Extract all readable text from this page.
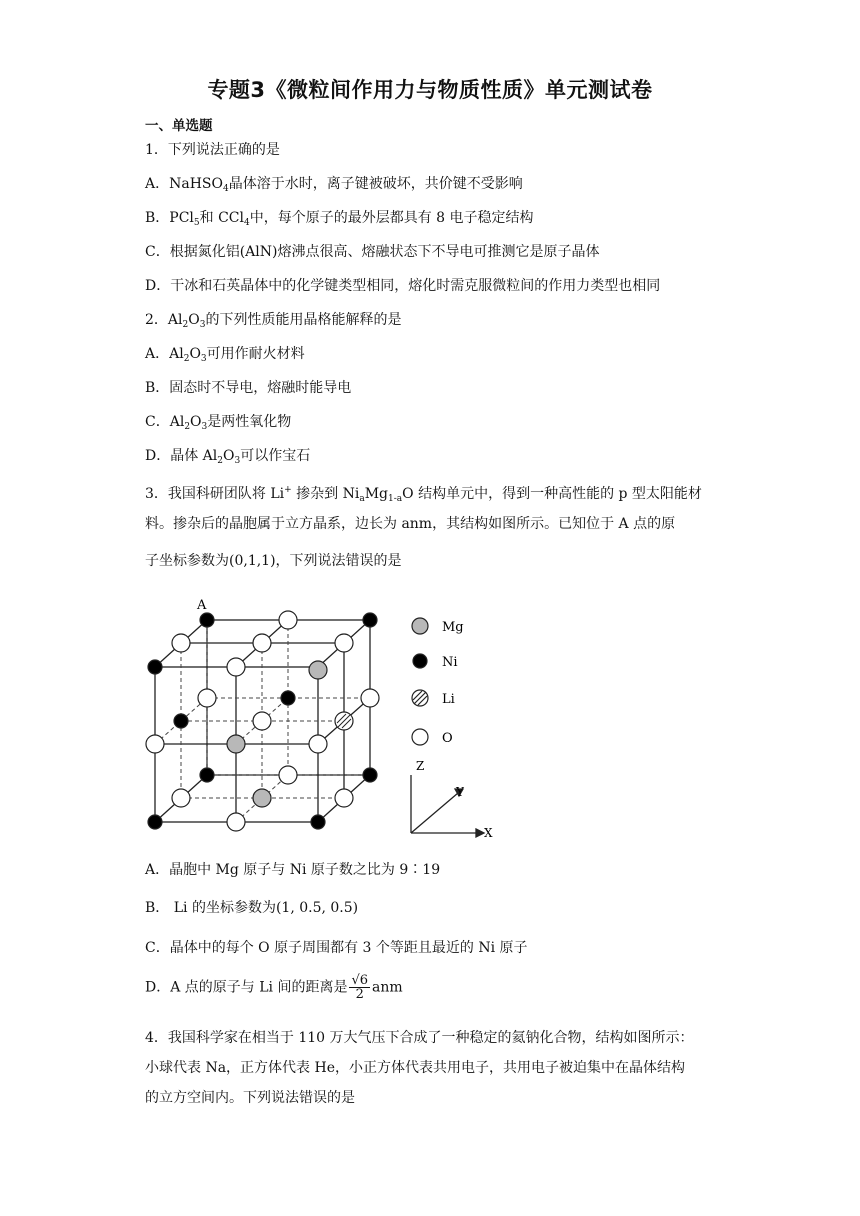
专题3《微粒间作用力与物质性质》单元测试卷
一、单选题
1．下列说法正确的是
A．NaHSO$_4$晶体溶于水时，离子键被破坏，共价键不受影响
B．PCl$_5$和 CCl$_4$中，每个原子的最外层都具有 8 电子稳定结构
C．根据氮化铝(AlN)熔沸点很高、熔融状态下不导电可推测它是原子晶体
D．干冰和石英晶体中的化学键类型相同，熔化时需克服微粒间的作用力类型也相同
2．$Al_2O_3$的下列性质能用晶格能解释的是
A．$Al_2O_3$可用作耐火材料
B．固态时不导电，熔融时能导电
C．$Al_2O_3$是两性氧化物
D．晶体 $Al_2O_3$可以作宝石
3．我国科研团队将 Li+ 掺杂到 $Ni_aMg_{1-a}O$ 结构单元中，得到一种高性能的 p 型太阳能材
料。掺杂后的晶胞属于立方晶系，边长为 anm，其结构如图所示。已知位于 A 点的原
子坐标参数为(0,1,1)，下列说法错误的是
A
Mg
Ni
Li
O
Z
Y
X
A．晶胞中 Mg 原子与 Ni 原子数之比为 9∶19
B． Li 的坐标参数为(1, 0.5, 0.5)
C．晶体中的每个 O 原子周围都有 3 个等距且最近的 Ni 原子
D．A 点的原子与 Li 间的距离是 $\frac{√6}{2}$ anm
4．我国科学家在相当于 110 万大气压下合成了一种稳定的氦钠化合物，结构如图所示：
小球代表 Na，正方体代表 He，小正方体代表共用电子，共用电子被迫集中在晶体结构
的立方空间内。下列说法错误的是
